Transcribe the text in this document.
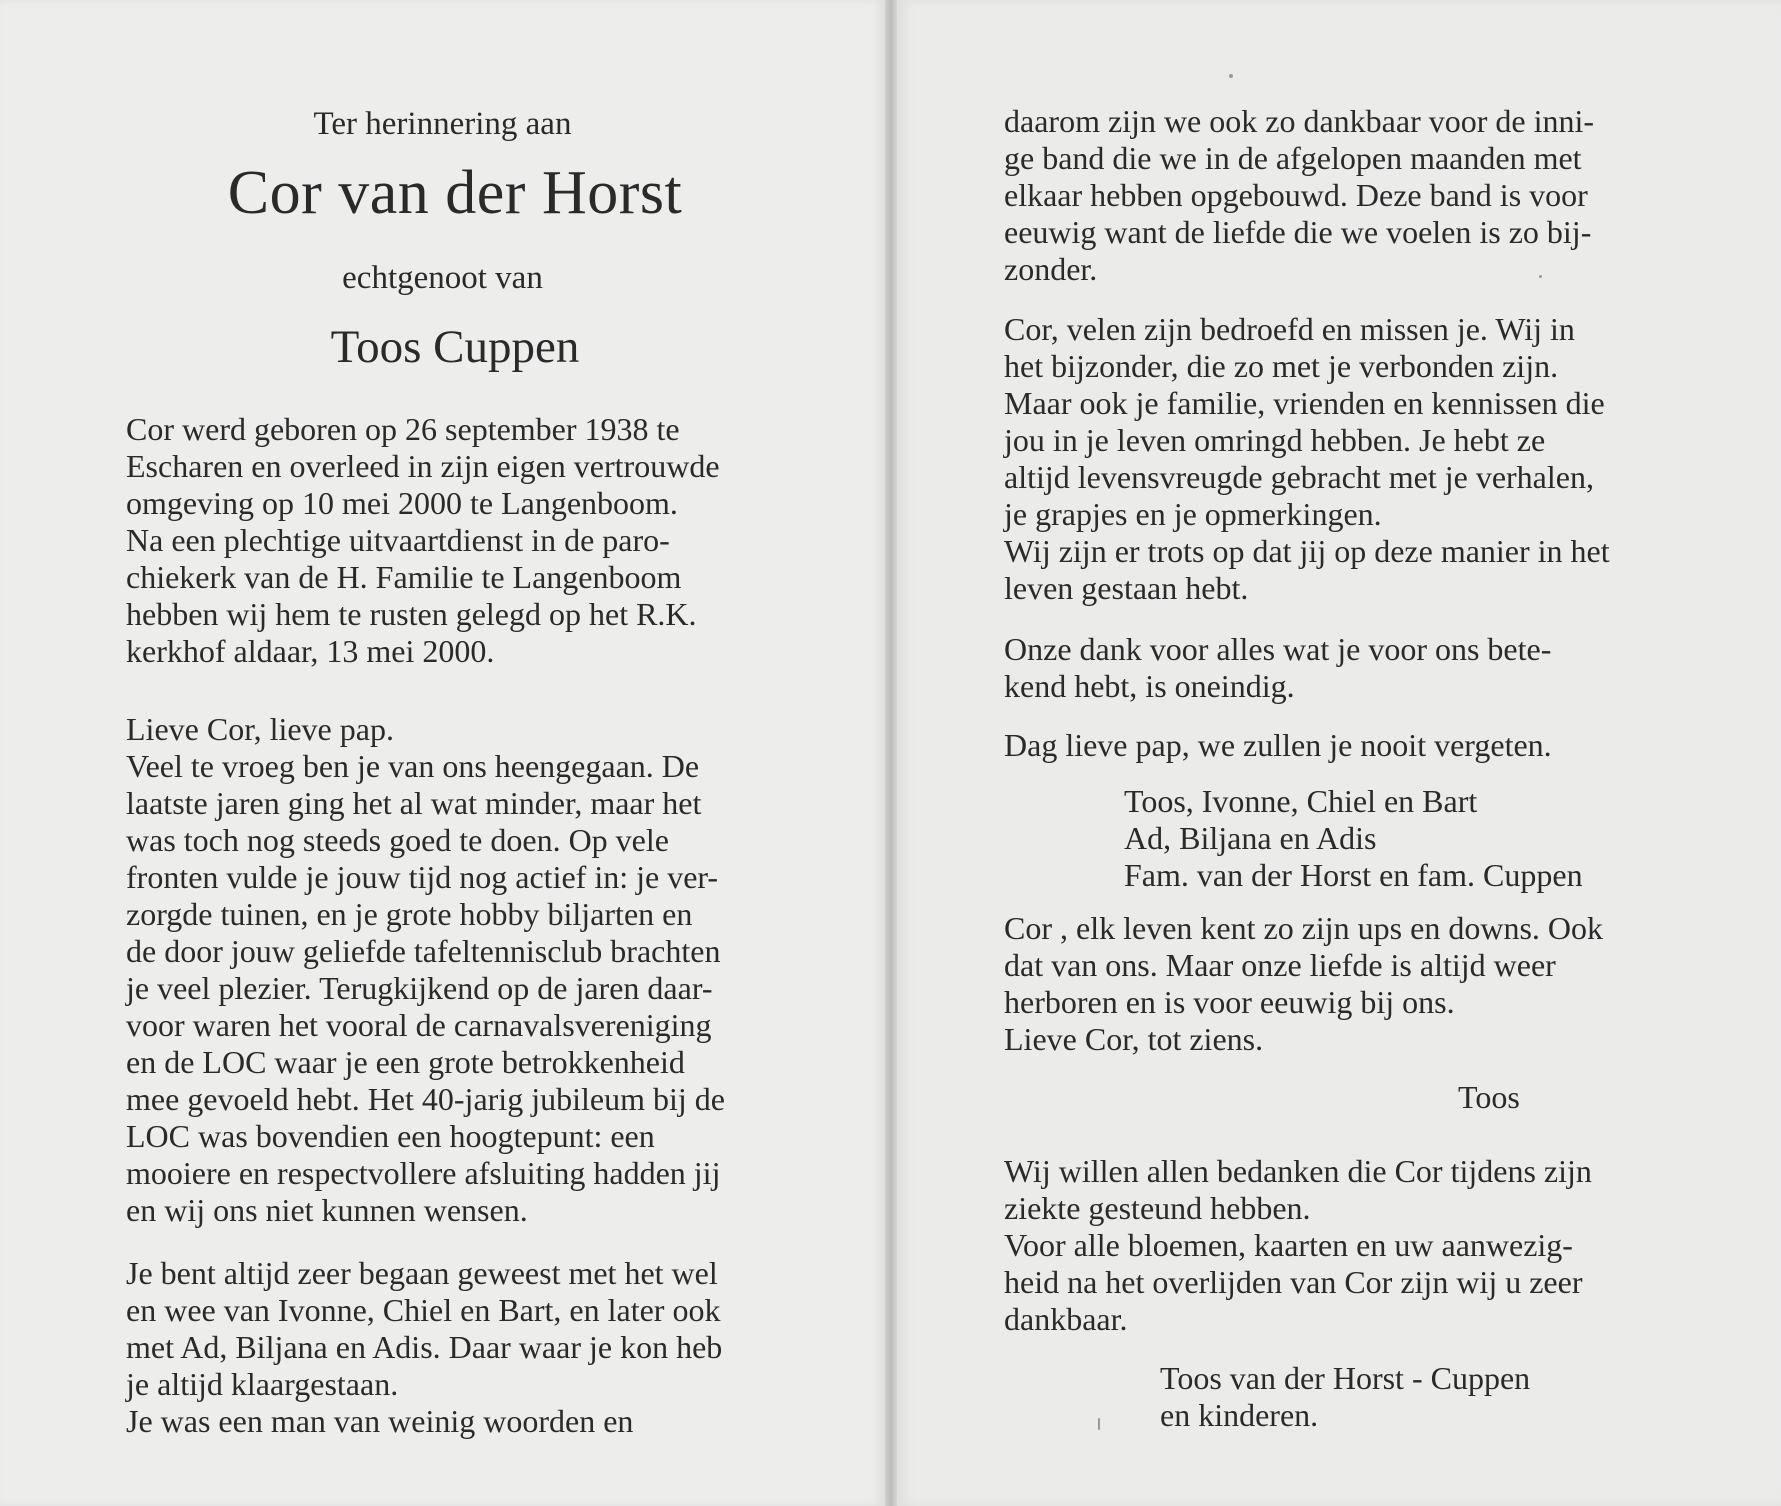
Ter herinnering aan
Cor van der Horst
echtgenoot van
Toos Cuppen

Cor werd geboren op 26 september 1938 te

Escharen en overleed in zijn eigen vertrouwde

omgeving op 10 mei 2000 te Langenboom.

Na een plechtige uitvaartdienst in de paro-

chiekerk van de H. Familie te Langenboom

hebben wij hem te rusten gelegd op het R.K.

kerkhof aldaar, 13 mei 2000.

Lieve Cor, lieve pap.

Veel te vroeg ben je van ons heengegaan. De

laatste jaren ging het al wat minder, maar het

was toch nog steeds goed te doen. Op vele

fronten vulde je jouw tijd nog actief in: je ver-

zorgde tuinen, en je grote hobby biljarten en

de door jouw geliefde tafeltennisclub brachten

je veel plezier. Terugkijkend op de jaren daar-

voor waren het vooral de carnavalsvereniging

en de LOC waar je een grote betrokkenheid

mee gevoeld hebt. Het 40-jarig jubileum bij de

LOC was bovendien een hoogtepunt: een

mooiere en respectvollere afsluiting hadden jij

en wij ons niet kunnen wensen.

Je bent altijd zeer begaan geweest met het wel

en wee van Ivonne, Chiel en Bart, en later ook

met Ad, Biljana en Adis. Daar waar je kon heb

je altijd klaargestaan.

Je was een man van weinig woorden en

daarom zijn we ook zo dankbaar voor de inni-

ge band die we in de afgelopen maanden met

elkaar hebben opgebouwd. Deze band is voor

eeuwig want de liefde die we voelen is zo bij-

zonder.

Cor, velen zijn bedroefd en missen je. Wij in

het bijzonder, die zo met je verbonden zijn.

Maar ook je familie, vrienden en kennissen die

jou in je leven omringd hebben. Je hebt ze

altijd levensvreugde gebracht met je verhalen,

je grapjes en je opmerkingen.

Wij zijn er trots op dat jij op deze manier in het

leven gestaan hebt.

Onze dank voor alles wat je voor ons bete-

kend hebt, is oneindig.

Dag lieve pap, we zullen je nooit vergeten.

Toos, Ivonne, Chiel en Bart
Ad, Biljana en Adis
Fam. van der Horst en fam. Cuppen

Cor , elk leven kent zo zijn ups en downs. Ook

dat van ons. Maar onze liefde is altijd weer

herboren en is voor eeuwig bij ons.

Lieve Cor, tot ziens.

Toos

Wij willen allen bedanken die Cor tijdens zijn

ziekte gesteund hebben.

Voor alle bloemen, kaarten en uw aanwezig-

heid na het overlijden van Cor zijn wij u zeer

dankbaar.

Toos van der Horst - Cuppen
en kinderen.
